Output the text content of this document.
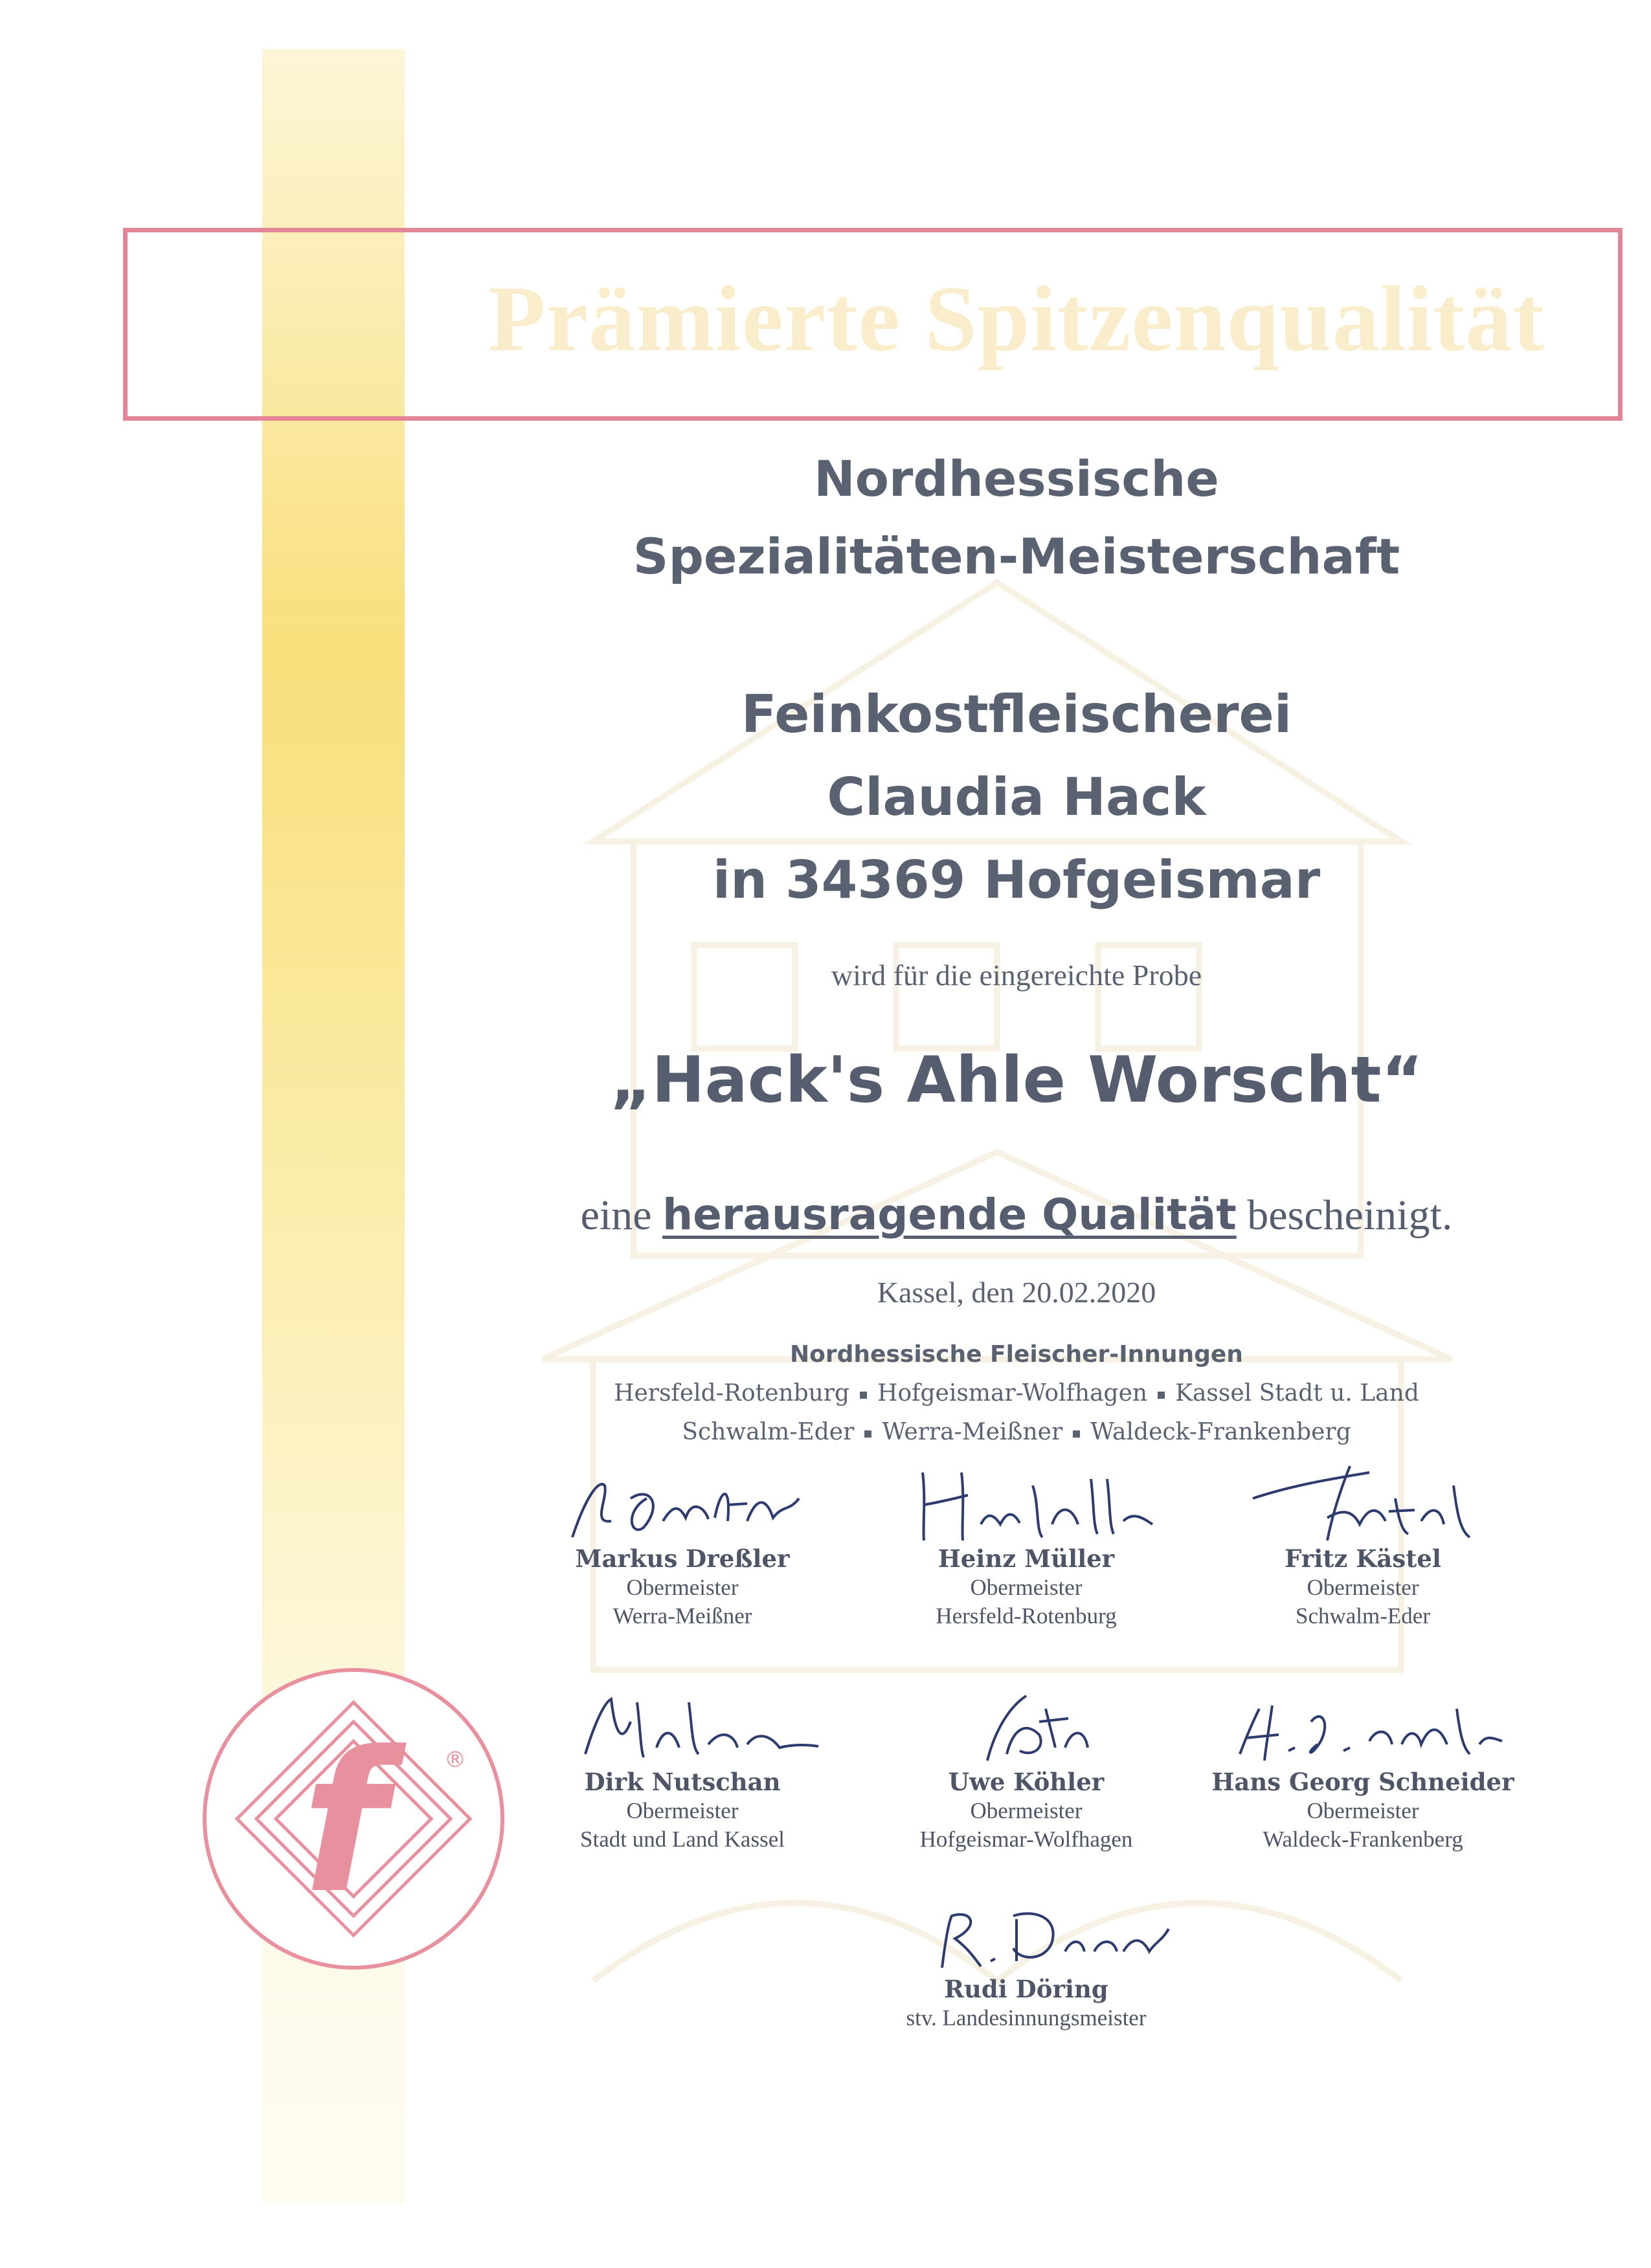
Prämierte Spitzenqualität
Nordhessische
Spezialitäten-Meisterschaft
Feinkostfleischerei
Claudia Hack
in 34369 Hofgeismar
wird für die eingereichte Probe
„Hack's Ahle Worscht“
eine herausragende Qualität bescheinigt.
Kassel, den 20.02.2020
Nordhessische Fleischer-Innungen
Hersfeld-Rotenburg Hofgeismar-Wolfhagen Kassel Stadt u. Land
Schwalm-Eder Werra-Meißner Waldeck-Frankenberg
Markus Dreßler
Obermeister
Werra-Meißner
Heinz Müller
Obermeister
Hersfeld-Rotenburg
Fritz Kästel
Obermeister
Schwalm-Eder
Dirk Nutschan
Obermeister
Stadt und Land Kassel
Uwe Köhler
Obermeister
Hofgeismar-Wolfhagen
Hans Georg Schneider
Obermeister
Waldeck-Frankenberg
Rudi Döring
stv. Landesinnungsmeister
f	®
